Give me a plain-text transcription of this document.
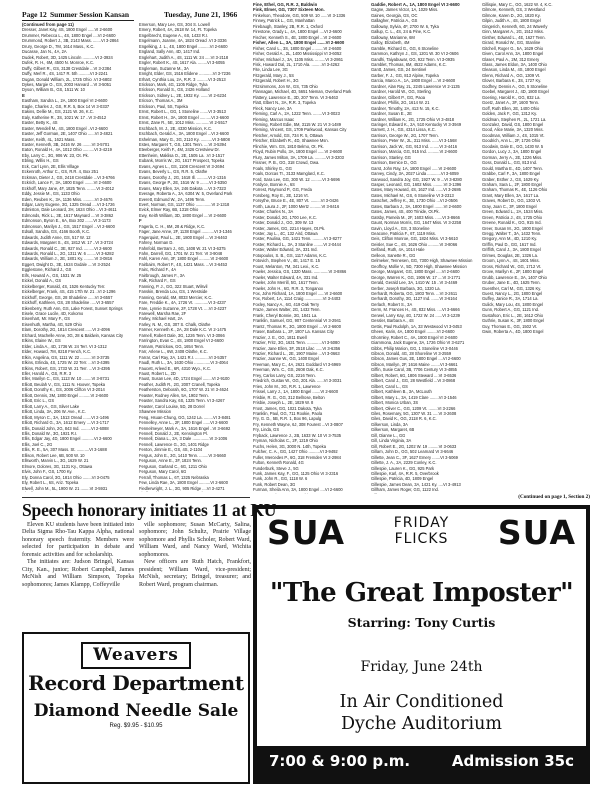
Page 12 Summer Session Kansan	Tuesday, June 21, 1966
(Continued from page 11)
Dresser, Janet Kay, 4S, 1800 Engel ......VI 2-6600
Drummer, Rebecca L., 4S, 1800 Engel ....VI 2-6600
Drummond, Robert J., 3B, 2143 Mass. .......VI 3-2864
Drury, George D., 7M, 1614 Mass., K.C.
Ducasse, Jan N., 4A, 2A
Dudek, Robert, 3D, 1425 Lincoln ...........VI 2-3924
Dufek, R. H., 6M, 4500 N. Monroe, K.C.
Duffy, Gilbert R., GS, 3138 Crestdale ...VI 3-2384
Duffy, Merl R., 4S, 1417 R. 5th ..........VI 3-2241
Dugan, Donald William, 2L, 1725 Ohio .VI 3-6802
Dykes, Margie O., GS, 2003 Harvard ...VI 3-5051
Dyson, William B., GS, 1511 W. 10
E
Eastham, Sandra L., 2A, 1800 Engel VI 2-6600
Eagle, Charles J., GS, R.R. 5, Box 14 VI 3-0337
Eakins, Dellie M., GS, 2121 W. 26, K.C.
Ealy, Katherine R., 3S, 1021 W. 17 ..VI 3-4512
Easter, Betty K., 4S
Easter, Wendell M., 4S, 1800 Engel ..VI 2-6600
Easter, Jeff Gorman, 2E, 1407 Ohio ......VI 3-4821
Easter, Keith, 4L, 1621 Mass.
Easter, Kenneth, 3B, 2416 W. 26 ........VI 3-5701
Eaton, Ronald H., 4A, 1012 Ohio ..........VI 3-4219
Eby, Larry C., 3G, 906 W. 23, Ot. Pk.
Ebling, Willis H., GS
Eck, Carl Lynn, 2E, Ellis Village
Eckenroth, Arthur C., GS, R.R. 4, Box 251
Eckman, Dieter J., GS, 2418 Crestdale ...VI 3-6766
Eckrich, Lance F., 3A, 1800 Engel ........VI 2-6600
Eckhoff, Mary Jane, 4F, 1825 Tenn. ........VI 3-4012
Eddy, Jessie M., GS, 1133 Ohio
Eden, Reuben K., 3A, 1136 Miss. ..........VI 3-4676
Edgar, Larry Eugene, 3G, 1325 Oread ....VI 3-1726
Edmiston, Dale Leonard, 2H, 1624 Ohio ...VI 3-4611
Edmonds, Rick L., 3E, 1617 Maynard ....VI 3-3862
Edmonson, Byron E., 6A, Box 302 .......VI 3-1173
Edmonson, Marilyn J., GS, 1517 Engel ...VI 2-6600
Edsall, Sandra, GS, 4166 Booth, K.C.
Edwards, Judith Anne, GS, 517 W. 12
Edwards, Margaret S., 4S, 1812 W. 17 ..VI 3-3724
Edwards, Ronald C., 3E, 927 Ind. .........VI 2-6600
Edwards, Ronald L., 2G, 1311 W. 6 ........VI 3-6282
Edwards, William J., 2E, 1801 Ky. .........VI 3-0816
Eggert, Dwight D., 3E, 1624 Oxdale ....VI 3-2524
Egglestone, Richard J., GS
Eifs, Howard A., GS, 1531 W. 25
Eickel, Donald A., GS
Eickelberger, Ronald, 4S, 1526 Kentucky Terr.
Eickelberger, Frank, 4S, 415 17th W. 21 ..VI 2-1296
Eickhoff, George, GS, 28 Shadeline ......VI 3-6557
Eickhoff, Kathleen, GS, 28 Shadeline .....VI 3-6557
Eikenberry, Ruth Ann, GS, Lake Forest, Sunset Springs
Eisele, Grace Lucile, 4D, Kokomo
Eisenhart, Mr. Mary F., GS
Eisenhuth, Martha, 4G, 529 Ohio
Elam, Dorothy, 2G, 1814 Crescent ......VI 2-4096
Elchard, Machelle Anne, 3G, 28 & Baldwin, Kansas City
Elkins, Elaine W., GS
Elder, Linda A., 4D, 1736 W. 24 Terr. VI 3-1312
Elder, Howard, 7M, 8218 French, K.C.
Elkin, Angelina, GS, 1111 W. 22 ..........VI 3-3735
Elkins, Erlinda, 4S, 1725 W. 22 Terr. ...VI 3-4395
Elkins, Robert, GS, 1733 W. 21 Terr. ...VI 3-4395
Eller, Harold A., GS, R.R. 3
Eller, Marilyn C., GS, 1113 W. 10 ........VI 3-8731
Elliott, Beulah V., GS, 1111 N. Hoover, Topeka
Elliott, Dorothy K., GS, 2006 Clifton VI 3-2014
Elliott, Dennis, 3M, 1800 Engel ..........VI 2-6600
Elliott, Eric L., GS
Elliott, Larry A., GS, Silver Lake
Elliott, Linda, 3A, 206 W. Ave., K.C.
Elliott, Myron C., 3A, 1513 Oread .......VI 2-1496
Elliott, Richard G., 3A, 1612 Emery ....VI 3-1717
Ellis, Donald John, 2G, 843 Ind. .........VI 2-6088
Ellis, Donald W., 3G, 1921 R.I.
Ellis, Edgar Jay, 4D, 1800 Engel ...........VI 2-6600
Ellis, Joel C., 2G
Ellis, R. E., 5A, 307 Mass. St. ...........VI 3-1688
Ellison, Robert Lee, 6B, 500 W. 10
Ellsworth, Marvin L., 3G, 1629 W. 21
Elmore, Dolores, 3G, 1131 Ky., Ottawa
Elvis, John F., GS, 1700 Ky.
Ely, Donna Carol, 3G, 1814 Ohio ........VI 3-0475
Ely, Robert L., 6S, Ariz. Topeka
Elwell, John M., 5L, 1900 W. 21 ........VI 3-5931
Emerson, Mary Lee, GS, 304 S. Lowell
Emery, Robert, 4A, 2618 W. 14, Ft. Topeka
Engelbrecht, Eugene A., 6S, 1433 R.I.
Engelmann, Joanne, 4A, 1824 Oread .VI 3-3336
Engelking, J. L., 4S, 1800 Engel ..........VI 2-6600
England, Sally Ann, 4D, 1417 Ind.
Englehart, Judith A., 4S, 1111 W. 24 .....VI 3-2118
Engler, Robert K., 4S, 1617 Ala. ........VI 3-6055
Engleman, Suzanne M., 3A
Enright, Elder, GS, 1516 Elidene ............VI 3-7236
Erhart, Cynthia Lou, 2A, R.R. 3 ..........VI 3-2513
Erickson, Mark, 4G, 1105 Ridge, Tyka
Erickson, Ronald S., GS, 2426 Holland
Erickson, Sidney L., 2E, 1932 Ky. .......VI 2-6234
Ericson, Thomas A., 3M
Erickson, Paul, 5S, Topeka
Ernst, Robert L., GG, 1 Stoneline .......VI 3-3513
Ernst, Robert H., 3A, 1800 Engel ..........VI 2-6600
Ernst, Zane R., 5E, 1012 Miss. ............VI 2-5517
Eschbach, M. J., 2E, 4330 Mission, K.C.
Eschbach, Gerald A., 3A, 1800 Engel ...VI 2-6600
Eshelman, Mary G., 3G, 2110 Ky. ..........VI 3-5808
Estes, Margaret T., GS, 1301 Tenn. ....VI 3-5394
Eteeberger, Keith F., 4M, 2426 Crestview Dr.
Ettenheim, Maklisa O., 2E, 1505 La. .VI 3-1517
Eubank, Morris W., 2G, 1617 Prospect, Topeka
Evans, Agnes L., GS, 1108 Crescent VI 3-2694
Evans, Beverly L., GS, R.R. 5, Olathe
Evans, Dorothy J., 2G, 1618 Ill. ..........VI 2-1316
Evans, George P., 2E, 1516 W. 9 ........VI 3-5350
Evans, Mary Ellen, 3A, 246 Dakota ....VI 3-7323
Everage, Roberta A., 3A, 6304 W. 5, Overland Park
Everett, Edmund W., 2A, 1496 Tenn.
Evert, Norman, GS, 1137 Ohio ..............VI 2-1318
Evick, Elmer Ray, 6B, 1318 Ohio
Ewy, Keith William, 3D, 1800 Engel ....VI 2-6600
F
Fagerla, C. H., 6M, 28 & Ridge, K.C.
Fager, Jane Anne, 2F, 1138 Engel ...........VI 3-1346
Fagerquist, Paul L., 2E, 1800 Engel ....VI 3-6463
Fahrey, Norman D.
Fahnfold, Bertram J., 6G, 1408 W. 21 VI 3-6375
Fahn, Darrell, GG, 1701 W. 21 Terr. VI 3-9048
Fahl, Karen Ann, 3F, 1800 Engel ..........VI 2-6600
Fairbairn, Robert F., 4S, 1421 Mass. ...VI 3-6453
Fairc, Richard F., 4A
Fairbrough, James F., 3A
Falk, Richard F., GS
Fanning, P. J., GG, 322 Stuart, Wilsvil
Fanskin, Brenda Lou, GS, 1 Westside
Fanning, Gerald, 6M, 8033 Mercier, K.C.
Fare, Freddie K., 4A, 1726 Vt. ............VI 3-4237
Fare, Lynnie Suzanne, 2F, 1728 Vt. ....VI 3-4237
Farewell, Marsha Rae, 2F
Farley, Michael Hart, 2A
Farley, N. M., GS, 307 S. Chalk, Olathe
Farmer, Kenneth K., 2A, 28 Dale K.C. VI 2-1475
Farnell, Robert Dale, 3G, 1226 Tenn. VI 3-3066
Farrington, Evan C., 4S, 1800 Engel VI 2-6600
Farnam, Patrickow, GG, 1654 Tenn.
Farr, Arlene L., 6W, 2408 Olathe, K.C.
Farrar, Carl Ray, 2A, 1421 R.I. ............VI 3-5357
Faudl, Ruth L., 3A, 1630 Ohio ..............VI 3-4064
Faucett, Arleed E., 6R, 4310 Wyo., K.C.
Faust, Robert L., 2D
Faust, Susan Lee, 4D, 1724 Engel ........VI 2-9100
Feather, Judith R., 2G, 2007 Cranell, Topeka
Featherston, Deborah, 6G, 1707 W. 21 VI 3-4624
Feaster, Rodney Allen, 5A, 1902 Tenn.
Feaster, Sandra Kay, 6S, 1325 Tenn. VI 3-4267
Feaster, Carol Louise, 5D, 28 Dorrel
Shawnee Mission
Feng, Hsuan-Chung, GG, 1242 La. ........VI 3-8481
Fennelley, Anne L., 2F, 1800 Engel ......VI 2-6600
Fennelmeyer, Mark A., 3A, 1616 Engel ..VI 3-6692
Fennell, Donald J., 2E, Kensington Pl.
Fennell, Diana L., 2A, 3 Dale ...............VI 3-1006
Fennell, Lawrence G., 3G, 1401 Ridge
Fenton, Jimmie E., GS, 4S, 2-1104
Fergus, John E., 3G, 1410 Tenn. ........VI 3-5660
Ferguson, Anne E., 3F, 1824 Tenn.
Ferguson, Garland C., 6G, 1211 Ohio
Ferguson, Mary Carol, 6G
Ferrall, Thomas L., 6T, 1325 Nebraska
Few, Linda Rae, 3A, 1800 Engel ..........VI 2-6600
Fiedlerwright, J. L., 3G, 905 Ridge ....VI 3-4271
Fine, Ethel, GG, R.R. 2, Baldwin
Fink, Elmer, GG, 7307 Sixteen Mon.
Finkelson, Theodore, GG, 509 W. 10 ......VI 3-1336
Finney, Patrick L., GG, Manhattan
Firebaugh, Stanley, 2B, R.R. 1, Oxford
Firestone, Grady L., 4A, 1800 Engel ....VI 2-6600
Fischer, Kenneth S., 4E, 1800 Engel ...VI 2-6600
Fisher, Allen L., 3A, 1800 Engel .......VI 2-6600
Fisher, Carol L., 3S, 1800 Engel ..........VI 2-6600
Fisher, Gerald A., 2L, 1400 Mississippi VI 3-6052
Fisher, Michael J., 3A, 1105 Miss. .........VI 3-2861
Fisk, Howard Dal, 2L, 1710 Ala. .........VI 3-4262
Fite, Linda Lee, 3G
Fitzgerald, Mary J., 5S
Fitzgerald, Robert H., 3G
Fitzsimmons, Jon W., GS, 735 Ohio
Flannagan, Michael, 4D, 5651 Nieman, Overland Park
Flattery, Lawrence E., 3D, 207 Tenn. VI 3-6463
Flatt, Elbert N., 3A, R.R. 3, Topeka
Fleck, Nancy Lee, 3A
Fleming, Carl A., 2A, 1222 Tenn. ........VI 3-0023
Fleming, Marcus Isaac
Fleming, Robert Edie, 5M, 3115 W. 21 VI 3-1489
Fleming, Vincent, GS, 1709 Parkwood, Kansas City
Fletcher, Arnold, GS, 734 R. 5, Ottawa
Fletcher, Elizabeth R., 4D, Shawnee Msn.
Flinchie, Wm. GS, 1810 Belmo, Ot. Pk.
Floyd, Rubin Pollo, 3A, 1800 Engel ......VI 2-6600
Flury, James Milton, 3A, 1709 La. ..........VI 3-3203
Fissner, P. B., GG, 318 Crowd, Owa.
Foals, Shirley G., GG
Foals, Dorcas Tr., 3133 Mamglard, K.C.
Ford, Sara Lee, GG, 300 W. 12 ..........VI 3-5696
Fordyce, Bonnie A., 6S
Forrest, Raymond P., GG, Freda
Forsberg, Roy E., 2E, 1216 Vt.
Forsythe, Bruce E., 4E, 807 Vt. .........VI 3-0426
Forth, Laura J., 2F, 1000 Mertz ..........VI 3-8416
Foster, Charles N., 3A
Foster, Donald, 2G, 1700 Lee, K.C.
Foster, Donald J., GG, 309 W. 13
Foster, James, GG, 2214 Hayes, Ot.Pk.
Foster, Jay L., 4C, 132 Aird, Ottawa
Foster, Paulina, GG, 1421 Tenn. ..........VI 3-8277
Foster, Richard L., 3A, 3 Stanline ........VI 2-0444
Foster, Walter Edward, 3A, 331 Ind.
Fotopoulos, S. B., GS, 1117 Adams, K.C.
Fotovich, Stephen V., 4E, 1417 E. 15
Foust, Melanton, 7M, 341 Lexi., K.C.
Fowler, Jessica, GS, 1320 Mass. .............VI 3-8866
Fowler, Walter Edward, 4A, 331 Ind.
Fowler, John Merrill, 5G, 1617 Tenn.
Fowler, John H., 6G, R.R. 3, Tonganox
Fox, John Richard, 1A, 1800 Engel ......VI 2-6600
Fox, Robert, 1A, 1114 Craig ................VI 3-4403
Foxley, Nancy A., 6G, 419 Oak Terry
Fraze, James Walter, 2G, 1432 Tenn.
Frank, Cheryl Bonnie, 3G, 1841 La.
Franklin, Samuel, GG, 907 Centennial VI 3-2941
Frantz, Thomas R., 3G, 1800 Engel ....VI 2-6600
Fraser, Barbara L., 2F, 1807 La. Kansas City
Frazier, J. E., GG, 1811 Ewell
Frazier, Fritz, 3G, 1631 Tenn. .............VI 3-5080
Frazier, Jane Ellen, 3F, 2518 Lilac ......VI 3-6356
Frazier, Richard L., 2E, 1907 Maine ...VI 3-0663
Frazier, Joanne W., GG, 1400 Engel
Freeman, Mary C., 4A, 2621 Goddard VI 3-6969
Freeman, Wm. C., GS, 2608 Oak, K.C.
Frey, Carlos Larry, GS, 2216 Tenn.
Friedrich, Gustav W., GG, 201 Ala. ......VI 3-3031
Fries, John M., 3G, R.R. 1, Lawrence
Frissel, Larry J., 1A, 1800 Engel .......VI 2-6600
Frisbie, R. G., GG, 312 Bellrose, Belton
Frisbie, Joseph L., 2E, 1829 W. 8
Frost, James, GG, 1021 Dakota, Tyka
Franklin, Paul, GG, 711 Rookie, Paola
Fry, G. D., 5B, R.R. 1, Box 96, Lapulg
Fry, Kenneth Wayne, 6J, 308 Fourest ...VI 3-0807
Fry, Linda, GS
Fryback, Lawrence J., 2B, 1633 W. 10 VI 3-7535
Fryman, Nicholas C., 2F, 1219 Ohio
Fuchs, Helen, 3G, 3000 N. 14th, Topeka
Fulcher, C. A., GG, 1427 Ohio ..........VI 3-9492
Fuller, Mercedes P., 6G, 318 Fremden VI 2-2984
Fulton, Kenneth Ronald, 4G
Funderburk, Steve J., 5G
Funk, James Kay, F., GG, 1125 Ohio VI 3-2316
Funk, John R., GG, 1118 W. 6
Funk, Robert Dean, 3G
Furman, Sheila Ann, 3A, 1800 Engel ....VI 2-6600
Gaddie, Robert A., 1A, 1800 Engel VI 2-6600
Gagne, James Victor, 1A, 1029 Miss.
Gaines, Georgia, GS, OC
Gallagher, Patricia A., GS
Galloway, Sylvia, 4F, 2700 W. 6, Tyka
Gallup, C. L., 4S, 24 & Pine, K.C.
Galloway, Marianne, 6M
Galloy, Elizabeth, 4M
Gamble, Richard G., GG, 6 Stoneline
Gammon, Kathryn J., GS, 1201 W. 30 VI 2-0606
Gandhi, Taiyabuwar, GG, 922 Tenn. VI 3-0935
Gamblet, Thomas, 6M, 4522 Adams, K.C.
Gantt, James, GS, 24 Sentinel
Garber, F. J., GG, 813 Alpine, Topeka
Garcia, Marco A., 1A, 1800 Engel ....VI 2-6600
Gardner, Alan Ray, 2L, 2245 Lawrence VI 2-1135
Gardner, Harold W., GG, Sterling
Gardner, Gilbert P., GG, Paoa
Gardner, Phillis, 2G, 1614 W. 21
Gardner, Timothy, 2A, 413 N. 15, K.C.
Gardner, Susan E., 2E
Gardner, William K., 2G, 1725 Ohio VI 3-4818
Garinger, Edward K., 2A, 510 Kentucky VI 3-3949
Garnett, J. H., GS, 4314 Lissa, K.C.
Garrison, George W., 2G, 1707 Tenn.
Garrison, Peter W., 2L, 311 Miss. ......VI 3-1568
Garrison, Jack W., GG, 913 Ind. ........VI 3-4416
Garrison, Marcia, GG, 915 Ind. ..........VI 2-6600
Garrison, Stanley, GG
Garrison, Bernice D., GG
Garst, John Ray, 1A, 1800 Engel ......VI 2-6600
Garvey, Cindy, 3A, 2027 Linda ............VI 3-6059
Garwood, Sandra Joy, GG, 1927 W. 9 ...VI 3-8280
Gasper, Leonard, GG, 1602 Miss. .........VI 3-1396
Gates, Mary Howard, 4S, 1627 Ind. ......VI 3-2686
Gates, Michael M., GS, 6 Stoneline VI 3-2313
Gatschet, Jeffrey K., 3E, 1730 Ohio ...VI 2-0506
Gates, Barbara J., 3A, 1800 Engel ........VI 2-6600
Gates, James, 4S, 400 Trinide, Ot.Pk.
Gatsby, Pamela M., 2F, 1603 Miss. ......VI 3-8666
Gaunt, Norman Morris, GG, 1647 Miss. VI 3-2258
Gavin, Lloyd A., GS, 3 Stoneline
Geacone, Patricia F., 6T, 1119 Miss.
Geis, Clifton Monroe, GG, 1824 Miss. VI 3-5610
Geisler, Sue C., 4S, 1626 Ohio ..........VI 3-8066
Gelfand, Ruth, 4A, 1014 Hale
Gelleon, Sanette R., GG
Gelmeker, Tennesen, GG, 7300 High, Shawnee Mission
Geoffroy, Mollie V., 5D, 7300 High, Shawnee Mission
George, Margaret, GG, 1800 Engel .....VI 2-6600
George, Warren K., GG, 1906 W. 17 ....VI 3-1771
Gerald, Gerald Lee, 3A, 1410 W. 15 ..VI 3-4469
Gerber, Joseph Barbara, 3G, 1320 La.
Gerhardt, Roberta, GG, 1803 Tenn. ...VI 3-2611
Gerhardt, Dorothy, 3G, 1127 Ind. .......VI 3-6164
Gerlach, Robert S., 3A
Germ, M. Frances H., 4S, 832 Miss. ....VI 3-6666
Gerwel, Larry Kay, 4G, 1722 W. 24 ......VI 3-1239
Gessler, Barbara A., 4S
Gettis, Paul Rudolph, 1A, 33 Westwood VI 3-0453
Gheen, Karin, 4A, 1800 Engel .........VI 2-6600
Ghormley, Robert C., 4A, 1800 Engel VI 2-6600
Giammona, Jack Eugene, 3A, 1726 Ohio VI 3-6271
Gibbs, Philip Marion, GG, 1 Stoneline VI 3-0446
Gibson, Donald, 4G, 28 Shoreline VI 3-2559
Gibson, James Gus, 2E, 1800 Engel ....VI 2-6600
Gibson, Marilyn, 2F, 1616 Maine ........VI 3-6661
Giffin, Susie Carol, 3B, 7706 Century VI 3-4855
Gilbert, Robert, 6G, 1806 Steward ....VI 3-6536
Gilbert, Carol J., GG, 28 Westfield ...VI 3-0868
Gilbert, Carol L., GS
Gilbert, Kathleen B., 3A, McLouth
Gilbert, Mary L., 3A, 1419 Clare ........VI 3-1546
Gilbert, Monica Urban, 3S
Gilbert, Oliver C., GG, 1209 Vt. ........VI 3-2266
Giles, Rosemary, 5G, 1307 W. 31 .....VI 3-2608
Giles, David K., GG, 2118 R. 6, K.C.
Gilkerson, Linda, 3A
Gilkerson, Margaret, 6B
Gill, Dianne L., GG
Gill, Linda Virginia, 3A
Gill, Robert E., 2G, 1202 W. 19 .........VI 3-0633
Gillam, John D., GG, 502 Learnard VI 3-6646
Gillette, Jean C., 3F, 1627 Emery .......VI 3-5069
Gillette, J. A., 2A, 2229 Conley, K.C.
Gillespie, Lauren K., GG, 925 Park
Gillespie, Karl, 4A, R.R. 5, Overbrook
Gillespie, Patricia, 4D, 1809 Engel
Gillespie, James Dean, 3A, 1421 Ky. ....VI 3-4913
Gillham, James Roger, GG, 1122 Ind.
Gillispie, Mary C., GG, 1622 W. 4, K.C.
Gilmore, Kenneth, GS, 3 Westland
Gilmore, Karen D., 2G, 1820 Ky.
Gilpin, Judith A., 4S, 1800 Engel
Gingerich, Kenneth, 6G, 24 Waverly
Ginn, Margaret A., 2G, 1512 Miss.
Ginther, Edward L., 4E, 1627 Tenn.
Girard, Ronald W., GG, Stanline
Gitchell, Roger G., 5A, 1629 Ohio
Given, Carol Ann, 3A, 1800 Engel
Glaser, Paul A., 2M, 312 Emery
Glass, James Eldon, 3A, 1400 Ohio
Gleason, Linda M., 4S, 1800 Engel
Glenn, Richard A., GG, 1309 Vt.
Glover, Barbara K., 3S, 1727 Ky.
Godfrey, Dennis A., GG, 5 Stoneline
Goebel, Margaret J., 4D, 1800 Engel
Goering, Harold K., GG, 832 La.
Goetz, Janet A., 3F, 1600 Tenn.
Goff, Ruth Ellen, 2E, 1400 Ohio
Golden, Jack F., GG, 1312 Ky.
Goldman, Stephen R., 2L, 1721 La.
Gonzalez, David, GS, 1800 Engel
Good, Alice Marie, 3A, 1320 Miss.
Goodman, William J., 4S, 1015 Vt.
Goodrich, Ann L., 2F, 1726 Ohio
Goodwin, Dale E., GG, 1430 W. 5
Gordon, Lucy J., 3A, 1800 Engel
Gorman, Jerry A., 2E, 1226 Miss.
Goss, Donald L., GG, 813 Ind.
Gould, Martha E., 4D, 1407 Tenn.
Grabbe, Carl F., 3A, 1800 Engel
Graber, Esther J., GS, 1629 Ky.
Graham, Sara L., 2F, 1800 Engel
Graham, Thomas R., 4E, 1126 Ohio
Grant, Mary Ellen, 3A, 1617 La.
Graves, Robert D., GG, 1303 Vt.
Gray, Joan C., 3F, 1800 Engel
Green, Edward L., 2A, 1524 Miss.
Green, Patricia J., 4S, 1725 Ohio
Greene, Ronald K., GG, 915 Ind.
Greer, Susan M., 2G, 1800 Engel
Gregg, Walter T., 3A, 1432 Tenn.
Gregory, Ann M., 4D, 1210 Ky.
Griffin, Paul D., GG, 1617 Ind.
Griffith, Carol J., 3A, 1800 Engel
Grimes, Douglas, 2E, 1326 La.
Groom, Lynn A., 4S, 1601 Miss.
Gross, Richard W., GG, 1712 Vt.
Grove, Marilyn K., 2F, 1800 Engel
Grubb, Lawrence E., 3A, 1407 Ohio
Gruber, Jane E., 4D, 1625 Tenn.
Guenther, Carl M., GG, 1326 Ky.
Guest, Nancy L., 2G, 1800 Engel
Guffey, Janice R., 3A, 1714 La.
Gulick, Mary Lou, 4S, 1800 Engel
Gunn, Robert A., GG, 1121 Ind.
Gustafson, Eric L., 2E, 1612 Ohio
Guthrie, Susan K., 3F, 1800 Engel
Guy, Thomas E., GG, 1502 Vt.
Gwin, Roberta A., 4D, 1800 Engel
(Continued on page 1, Section 2)
Speech honorary initiates 11 at KU

Eleven KU students have been initiated into Delta Sigma Rho-Tau Kappa Alpha, national honorary speech fraternity. Members were selected for participation in debate and forensic activities and for scholarship.

The initiates are: Judson Bringel, Kansas City, Kan., junior; Robert Campbell, James McNish and William Simpson, Topeka sophomores; James Klampp, Coffeyville

ville sophomore; Susan McCarty, Salina, sophomore; John Schultz, Prairie Village sophomore and Phyllis Scholer, Robert Ward, William Ward, and Nancy Ward, Wichita sophomores.

New officers are Ruth Hatch, Frankfort, president; William Ward, vice-president; McNish, secretary; Bringel, treasurer; and Robert Ward, program chairman.

Weavers
Record Department
Diamond Needle Sale
Reg. $9.95 - $10.95
SUA	FRIDAY
FLICKS	SUA
"The Great Imposter"
Starring: Tony Curtis
Friday, June 24th
In Air Conditioned
Dyche Auditorium
7:00 & 9:00 p.m.	Admission 35c
